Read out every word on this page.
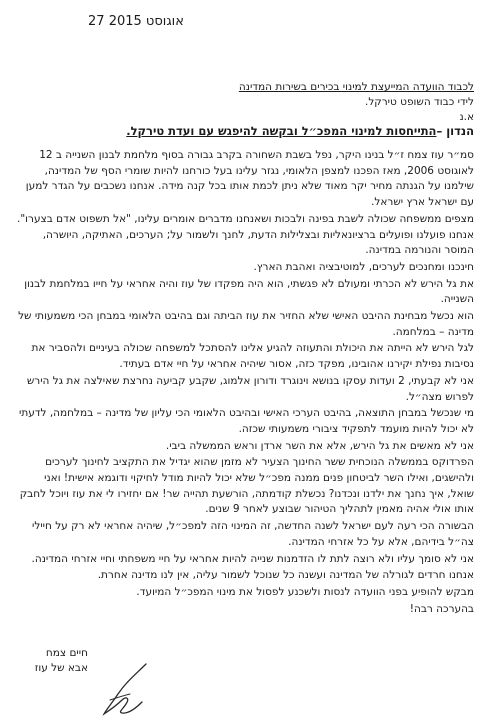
27 אוגוסט 2015
לכבוד הוועדה המייעצת למינוי בכירים בשירות המדינה
לידי כבוד השופט טירקל.
א.נ
הנדון –התייחסות למינוי המפכ״ל ובקשה להיפגש עם ועדת טירקל.

סמ״ר עוז צמח ז״ל בנינו היקר, נפל בשבת השחורה בקרב גבורה בסוף מלחמת לבנון השנייה ב 12 לאוגוסט 2006, מאז הפכנו למצפן הלאומי, נגזר עלינו בעל כורחנו להיות שומרי הסף של המדינה, שילמנו על הגנתה מחיר יקר מאוד שלא ניתן לכמת אותו בכל קנה מידה. אנחנו נשכבים על הגדר למען עם ישראל ארץ ישראל.

מצפים ממשפחה שכולה לשבת בפינה ולבכות ושאנחנו מדברים אומרים עלינו, "אל תשפוט אדם בצערו". אנחנו פועלנו ופועלים ברציונאליות ובצלילות הדעת, לחנך ולשמור על; הערכים, האתיקה, היושרה, המוסר והנורמה במדינה.

חינכנו ומחנכים לערכים, למוטיבציה ואהבת הארץ.

את גל הירש לא הכרתי ומעולם לא פגשתי, הוא היה מפקדו של עוז והיה אחראי על חייו במלחמת לבנון השנייה.

הוא נכשל מבחינת ההיבט האישי שלא החזיר את עוז הביתה וגם בהיבט הלאומי במבחן הכי משמעותי של מדינה – במלחמה.

לגל הירש לא הייתה את היכולת והתעוזה להגיע אלינו להסתכל למשפחה שכולה בעיניים ולהסביר את נסיבות נפילת יקירנו אהובינו, מפקד כזה, אסור שיהיה אחראי על חיי אדם בעתיד.

אני לא קבעתי, 2 ועדות עסקו בנושא וינוגרד ודורון אלמוג, שקבע קביעה נחרצת שאילצה את גל הירש לפרוש מצה״ל.

מי שנכשל במבחן התוצאה, בהיבט הערכי האישי ובהיבט הלאומי הכי עליון של מדינה – במלחמה, לדעתי לא יכול להיות מועמד לתפקיד ציבורי משמעותי שכזה.

אני לא מאשים את גל הירש, אלא את השר ארדן וראש הממשלה ביבי.

הפרדוקס בממשלה הנוכחית ששר החינוך הצעיר לא מזמן שהוא יגדיל את התקציב לחינוך לערכים ולהישגים, ואילו השר לביטחון פנים ממנה מפכ״ל שלא יכול להיות מודל לחיקוי ודוגמא אישית! ואני שואל, איך נחנך את ילדנו ונכדנו? נכשלת קודמתה, הורשעת תהייה שר! אם יחזירו לי את עוז ויוכל לחבק אותו אולי אהיה מאמין לתהליך הטיהור שבוצע לאחר 9 שנים.

הבשורה הכי רעה לעם ישראל לשנה החדשה, זה המינוי הזה למפכ״ל, שיהיה אחראי לא רק על חיילי צה״ל בידיהם, אלא על כל אזרחי המדינה.

אני לא סומך עליו ולא רוצה לתת לו הזדמנות שנייה להיות אחראי על חיי משפחתי וחיי אזרחי המדינה.

אנחנו חרדים לגורלה של המדינה ועשנה כל שנוכל לשמור עליה, אין לנו מדינה אחרת.

מבקש להופיע בפני הוועדה לנסות ולשכנע לפסול את מינוי המפכ״ל המיועד.

בהערכה רבה!

חיים צמח
אבא של עוז
